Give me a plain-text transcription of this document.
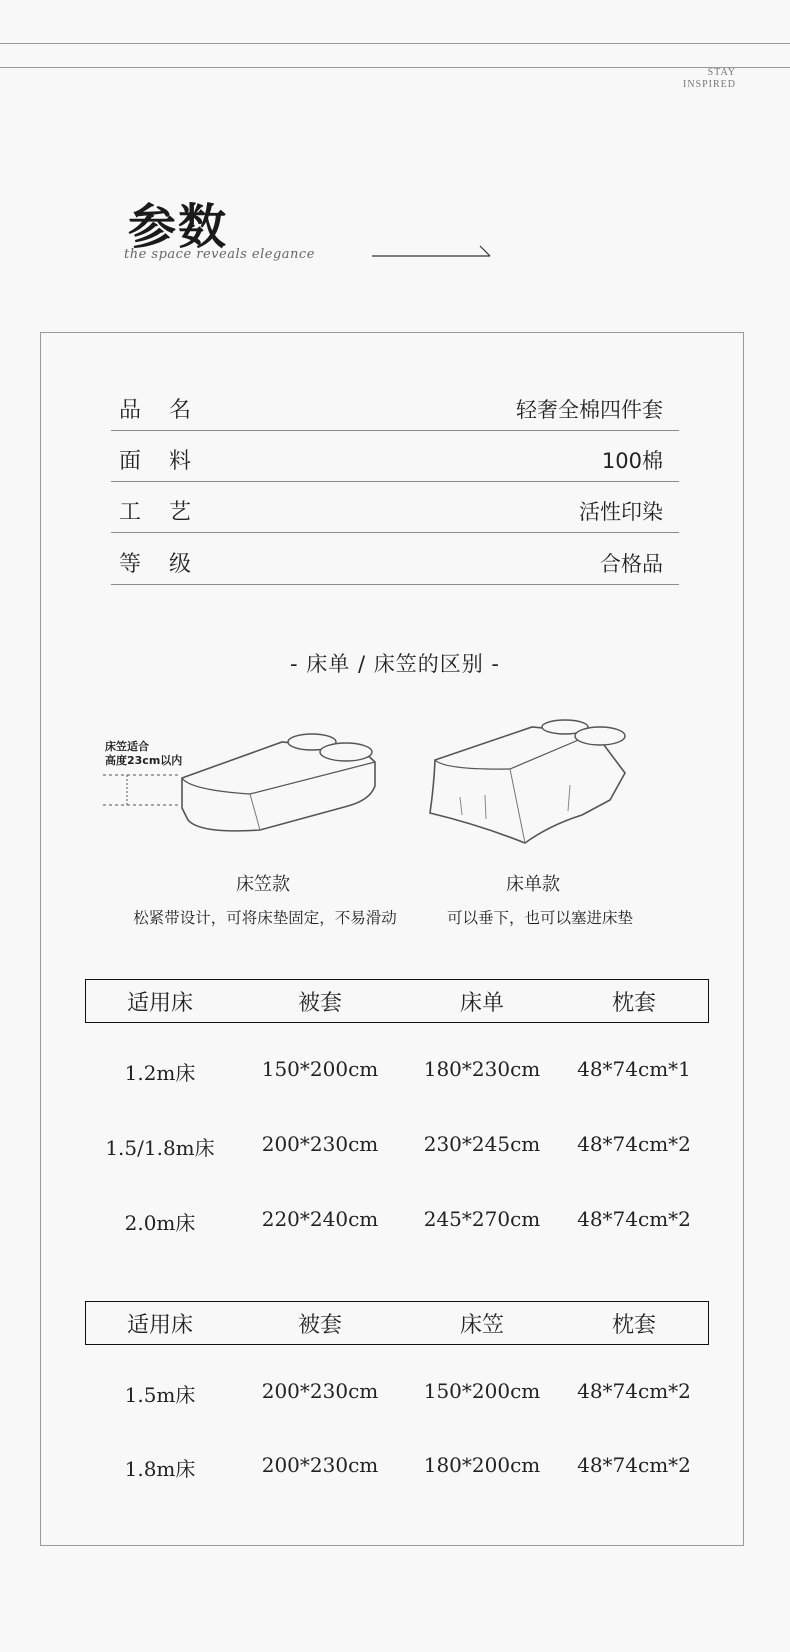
STAY
INSPIRED
参数
the space reveals elegance
品名	轻奢全棉四件套
面料	100棉
工艺	活性印染
等级	合格品
- 床单 / 床笠的区别 -
床笠适合
高度23cm以内
床笠款
松紧带设计，可将床垫固定，不易滑动
床单款
可以垂下，也可以塞进床垫
适用床	被套	床单	枕套
1.2m床	150*200cm	180*230cm	48*74cm*1
1.5/1.8m床	200*230cm	230*245cm	48*74cm*2
2.0m床	220*240cm	245*270cm	48*74cm*2
适用床	被套	床笠	枕套
1.5m床	200*230cm	150*200cm	48*74cm*2
1.8m床	200*230cm	180*200cm	48*74cm*2
